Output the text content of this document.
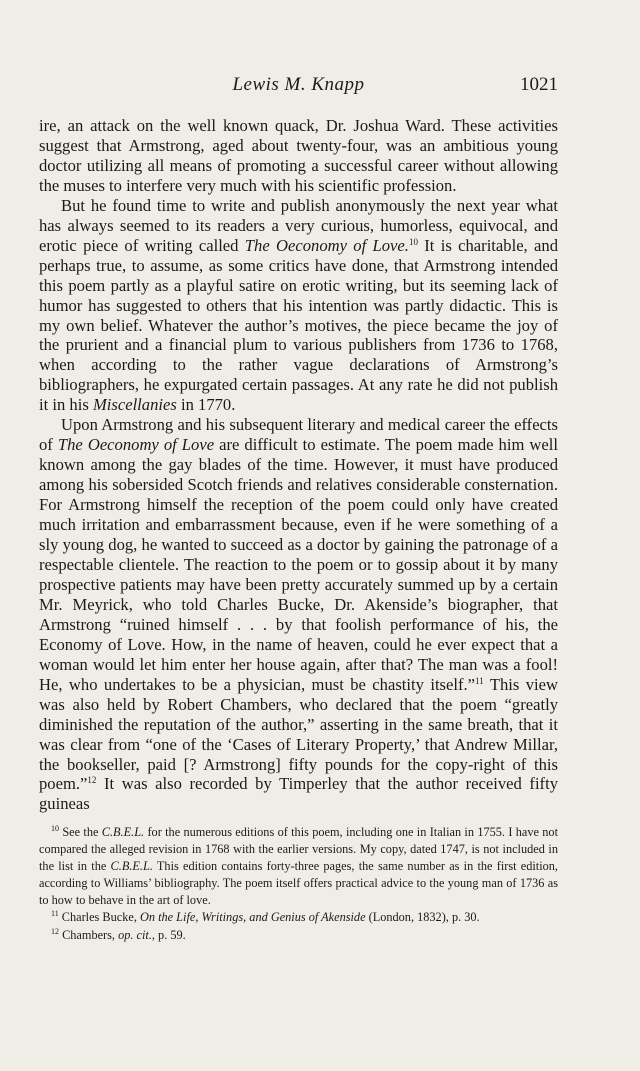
Lewis M. Knapp	1021

ire, an attack on the well known quack, Dr. Joshua Ward. These activities suggest that Armstrong, aged about twenty-four, was an ambitious young doctor utilizing all means of promoting a successful career without allowing the muses to interfere very much with his scientific profession.

But he found time to write and publish anonymously the next year what has always seemed to its readers a very curious, humorless, equivocal, and erotic piece of writing called The Oeconomy of Love.$^{10}$ It is charitable, and perhaps true, to assume, as some critics have done, that Armstrong intended this poem partly as a playful satire on erotic writing, but its seeming lack of humor has suggested to others that his intention was partly didactic. This is my own belief. Whatever the author’s motives, the piece became the joy of the prurient and a financial plum to various publishers from 1736 to 1768, when according to the rather vague declarations of Armstrong’s bibliographers, he expurgated certain passages. At any rate he did not publish it in his Miscellanies in 1770.

Upon Armstrong and his subsequent literary and medical career the effects of The Oeconomy of Love are difficult to estimate. The poem made him well known among the gay blades of the time. However, it must have produced among his sobersided Scotch friends and relatives considerable consternation. For Armstrong himself the reception of the poem could only have created much irritation and embarrassment because, even if he were something of a sly young dog, he wanted to succeed as a doctor by gaining the patronage of a respectable clientele. The reaction to the poem or to gossip about it by many prospective patients may have been pretty accurately summed up by a certain Mr. Meyrick, who told Charles Bucke, Dr. Akenside’s biographer, that Armstrong “ruined himself . . . by that foolish performance of his, the Economy of Love. How, in the name of heaven, could he ever expect that a woman would let him enter her house again, after that? The man was a fool! He, who undertakes to be a physician, must be chastity itself.”$^{11}$ This view was also held by Robert Chambers, who declared that the poem “greatly diminished the reputation of the author,” asserting in the same breath, that it was clear from “one of the ‘Cases of Literary Property,’ that Andrew Millar, the bookseller, paid [? Armstrong] fifty pounds for the copy-right of this poem.”$^{12}$ It was also recorded by Timperley that the author received fifty guineas

$^{10}$ See the C.B.E.L. for the numerous editions of this poem, including one in Italian in 1755. I have not compared the alleged revision in 1768 with the earlier versions. My copy, dated 1747, is not included in the list in the C.B.E.L. This edition contains forty-three pages, the same number as in the first edition, according to Williams’ bibliography. The poem itself offers practical advice to the young man of 1736 as to how to behave in the art of love.

$^{11}$ Charles Bucke, On the Life, Writings, and Genius of Akenside (London, 1832), p. 30.

$^{12}$ Chambers, op. cit., p. 59.
